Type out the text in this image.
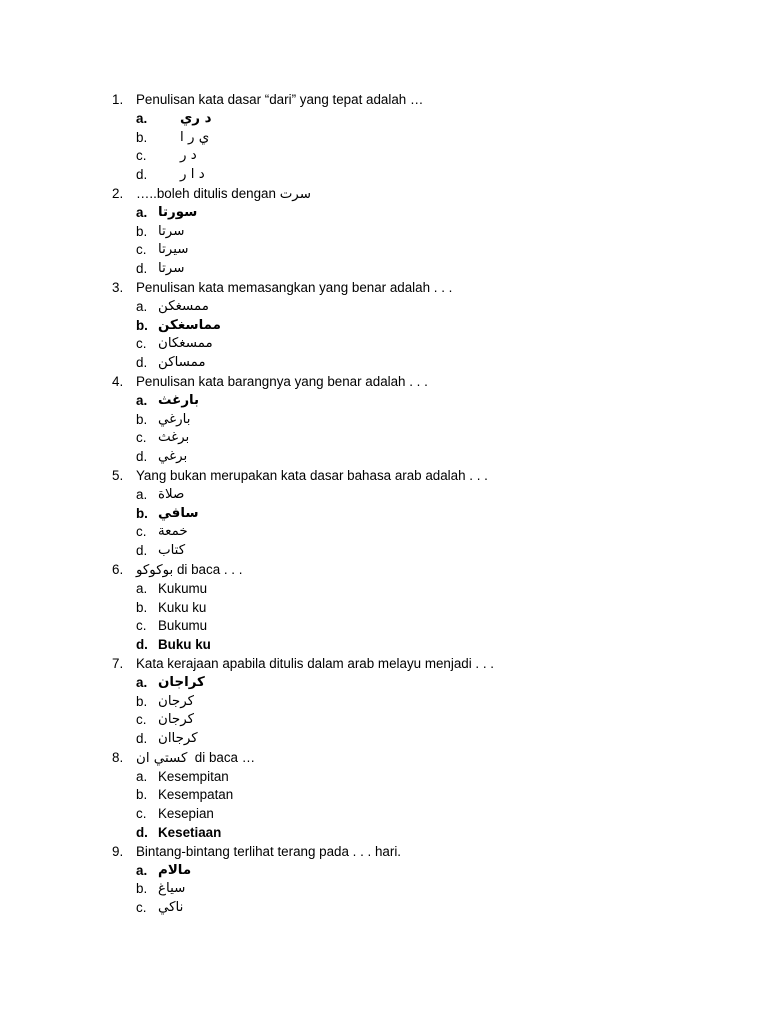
1. Penulisan kata dasar “dari” yang tepat adalah …
a. د ري
b. ي ر ا
c.	د ر
d. د ا ر
2. …..boleh ditulis dengan سرت
a. سورتا
b. سرتا
c. سيرتا
d. سرتا
3. Penulisan kata memasangkan yang benar adalah . . .
a. ممسغكن
b. مماسغكن
c. ممسغكان
d. ممساكن
4. Penulisan kata barangnya yang benar adalah . . .
a. بارغث
b. بارغي
c. برغث
d. برغي
5. Yang bukan merupakan kata dasar bahasa arab adalah . . .
a. صلاة
b. سافي
c. خمعة
d. كتاب
6. بوكوكو di baca . . .
a. Kukumu
b. Kuku ku
c. Bukumu
d. Buku ku
7. Kata kerajaan apabila ditulis dalam arab melayu menjadi . . .
a. كراجان
b. كرجان
c. كرجان
d. كرجاان
8. كستي ان di baca …
a. Kesempitan
b. Kesempatan
c. Kesepian
d. Kesetiaan
9. Bintang-bintang terlihat terang pada . . . hari.
a. مالام
b. سياغ
c. ناكي
